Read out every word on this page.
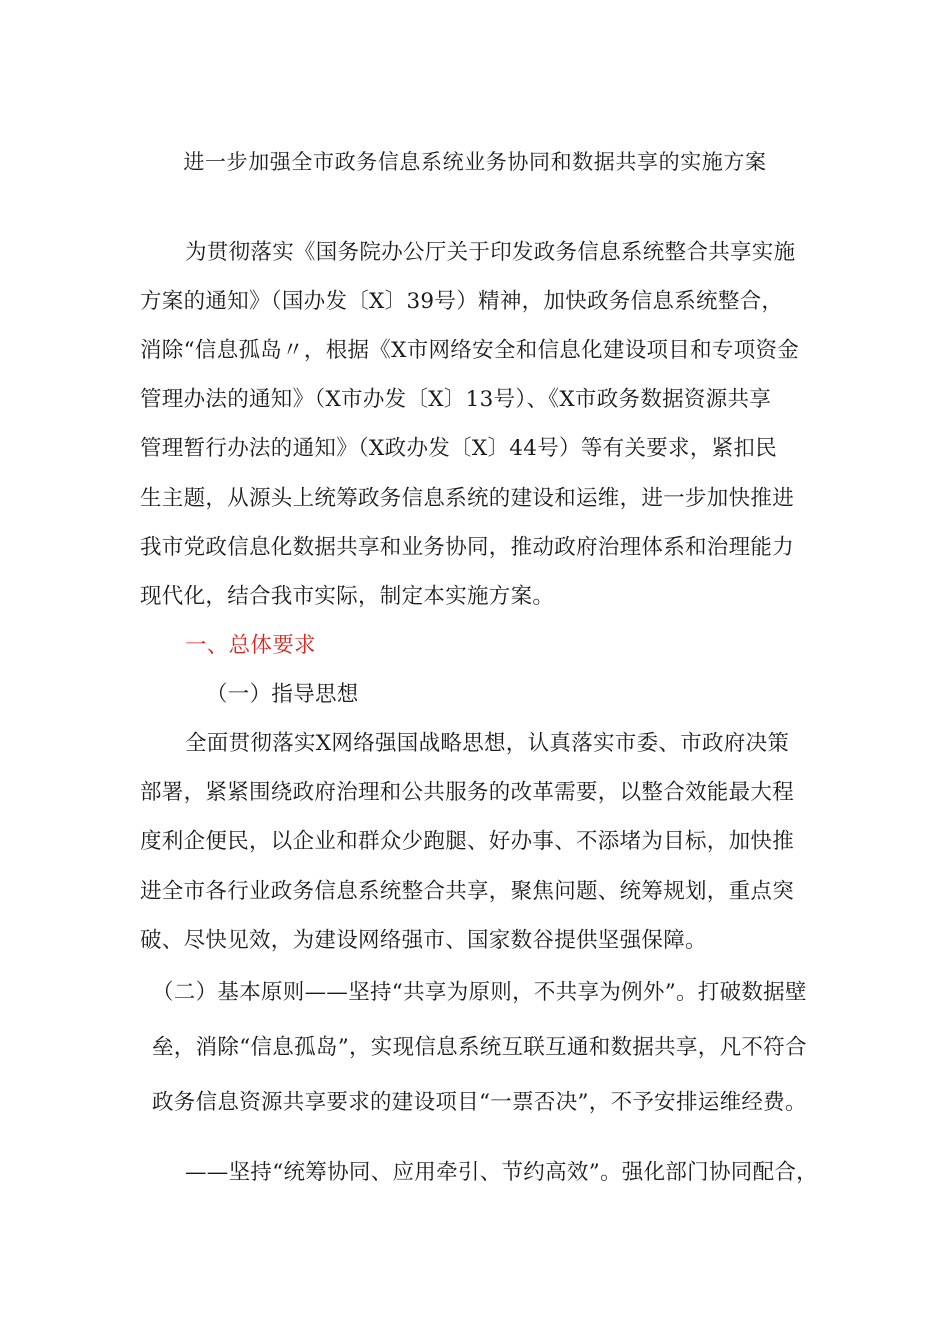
进一步加强全市政务信息系统业务协同和数据共享的实施方案
为贯彻落实《国务院办公厅关于印发政务信息系统整合共享实施
方案的通知》（国办发〔X〕39号）精神，加快政务信息系统整合，
消除“信息孤岛〃，根据《X市网络安全和信息化建设项目和专项资金
管理办法的通知》（X市办发〔X〕13号）、《X市政务数据资源共享
管理暂行办法的通知》（X政办发〔X〕44号）等有关要求，紧扣民
生主题，从源头上统筹政务信息系统的建设和运维，进一步加快推进
我市党政信息化数据共享和业务协同，推动政府治理体系和治理能力
现代化，结合我市实际，制定本实施方案。
一、总体要求
（一）指导思想
全面贯彻落实X网络强国战略思想，认真落实市委、市政府决策
部署，紧紧围绕政府治理和公共服务的改革需要，以整合效能最大程
度利企便民，以企业和群众少跑腿、好办事、不添堵为目标，加快推
进全市各行业政务信息系统整合共享，聚焦问题、统筹规划，重点突
破、尽快见效，为建设网络强市、国家数谷提供坚强保障。
（二）基本原则——坚持“共享为原则，不共享为例外”。打破数据壁
垒，消除“信息孤岛”，实现信息系统互联互通和数据共享，凡不符合
政务信息资源共享要求的建设项目“一票否决”，不予安排运维经费。
——坚持“统筹协同、应用牵引、节约高效”。强化部门协同配合，
